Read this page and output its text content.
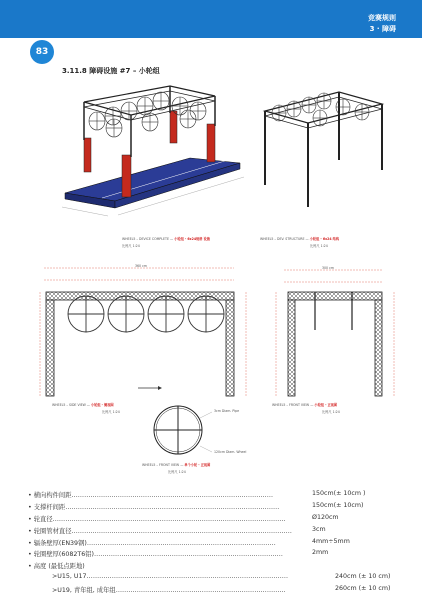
竞赛规则
3 · 障碍
83
3.11.8 障碍设施 #7 – 小轮组
WHEEL5 – DEVICE COMPLETE — 小轮组 - 6x24规格 设施	WHEEL5 – DEV. STRUCTURE — 小轮组 - 6x24 结构
比例尺 1:24	比例尺 1:24
360 cm	300 cm
WHEEL5 – SIDE VIEW — 小轮组 - 侧视图
比例尺 1:24
WHEEL5 – FRONT VIEW — 小轮组 - 正视图
比例尺 1:24
3cm Diam. Pipe
120cm Diam. Wheel
WHEEL5 – FRONT VIEW — 单个小轮 - 正视图
比例尺 1:24
• 横向构件间距……………………………………………………………………………………	150cm(± 10cm )
• 支撑杆间距…………………………………………………………………………………………	150cm(± 10cm)
• 轮直径…………………………………………………………………………………………………	Ø120cm
• 轮圈管材直径……………………………………………………………………………………………	3cm
• 辐条壁厚(EN39钢)………………………………………………………………………………	4mm÷5mm
• 轮圈壁厚(6082T6铝)………………………………………………………………………………	2mm
• 高度 (最低点距地)
>U15, U17……………………………………………………………………………………	240cm (± 10 cm)
>U19, 青年组, 成年组………………………………………………………………………	260cm (± 10 cm)
